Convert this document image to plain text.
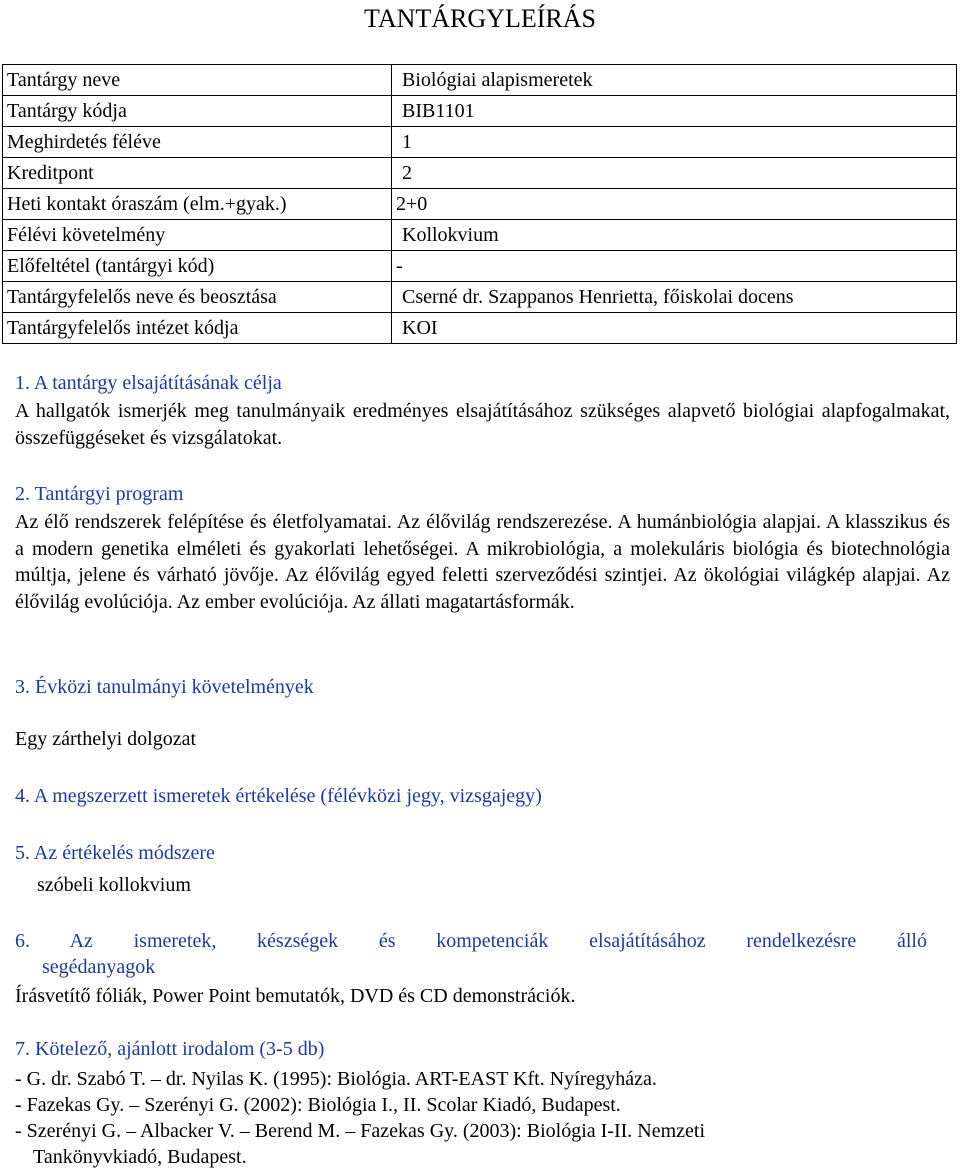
TANTÁRGYLEÍRÁS
Tantárgy neve	Biológiai alapismeretek
Tantárgy kódja	BIB1101
Meghirdetés féléve	1
Kreditpont	2
Heti kontakt óraszám (elm.+gyak.)	2+0
Félévi követelmény	Kollokvium
Előfeltétel (tantárgyi kód)	-
Tantárgyfelelős neve és beosztása	Cserné dr. Szappanos Henrietta, főiskolai docens
Tantárgyfelelős intézet kódja	KOI
1. A tantárgy elsajátításának célja
A hallgatók ismerjék meg tanulmányaik eredményes elsajátításához szükséges alapvető biológiai alapfogalmakat, összefüggéseket és vizsgálatokat.
2. Tantárgyi program
Az élő rendszerek felépítése és életfolyamatai. Az élővilág rendszerezése. A humánbiológia alapjai. A klasszikus és a modern genetika elméleti és gyakorlati lehetőségei. A mikrobiológia, a molekuláris biológia és biotechnológia múltja, jelene és várható jövője. Az élővilág egyed feletti szerveződési szintjei. Az ökológiai világkép alapjai. Az élővilág evolúciója. Az ember evolúciója. Az állati magatartásformák.
3. Évközi tanulmányi követelmények
Egy zárthelyi dolgozat
4. A megszerzett ismeretek értékelése (félévközi jegy, vizsgajegy)
5. Az értékelés módszere
szóbeli kollokvium
6. Az ismeretek, készségek és kompetenciák elsajátításához rendelkezésre álló
segédanyagok
Írásvetítő fóliák, Power Point bemutatók, DVD és CD demonstrációk.
7. Kötelező, ajánlott irodalom (3-5 db)
- G. dr. Szabó T. – dr. Nyilas K. (1995): Biológia. ART-EAST Kft. Nyíregyháza.
- Fazekas Gy. – Szerényi G. (2002): Biológia I., II. Scolar Kiadó, Budapest.
- Szerényi G. – Albacker V. – Berend M. – Fazekas Gy. (2003): Biológia I-II. Nemzeti
Tankönyvkiadó, Budapest.
